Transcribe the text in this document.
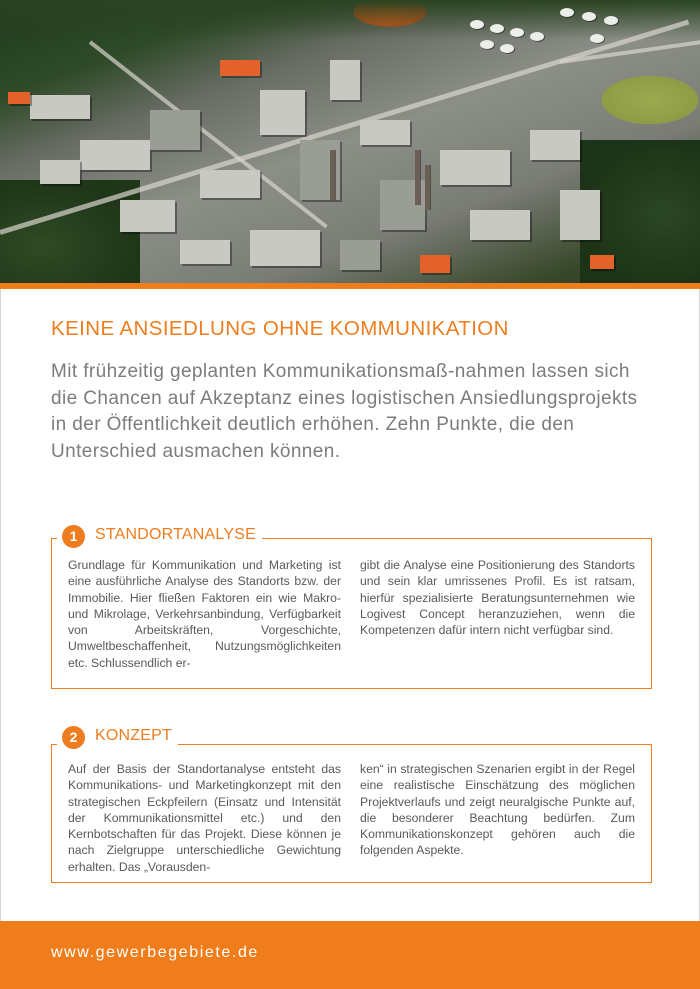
KEINE ANSIEDLUNG OHNE KOMMUNIKATION

Mit frühzeitig geplanten Kommunikationsmaß-nahmen lassen sich die Chancen auf Akzeptanz eines logistischen Ansiedlungsprojekts in der Öffentlichkeit deutlich erhöhen. Zehn Punkte, die den Unterschied ausmachen können.

1	STANDORTANALYSE

Grundlage für Kommunikation und Marketing ist eine ausführliche Analyse des Standorts bzw. der Immobilie. Hier fließen Faktoren ein wie Makro- und Mikrolage, Verkehrsanbindung, Verfügbarkeit von Arbeitskräften, Vorgeschichte, Umweltbeschaffenheit, Nutzungsmöglichkeiten etc. Schlussendlich er-

gibt die Analyse eine Positionierung des Standorts und sein klar umrissenes Profil. Es ist ratsam, hierfür spezialisierte Beratungsunternehmen wie Logivest Concept heranzuziehen, wenn die Kompetenzen dafür intern nicht verfügbar sind.

2	KONZEPT

Auf der Basis der Standortanalyse entsteht das Kommunikations- und Marketingkonzept mit den strategischen Eckpfeilern (Einsatz und Intensität der Kommunikationsmittel etc.) und den Kernbotschaften für das Projekt. Diese können je nach Zielgruppe unterschiedliche Gewichtung erhalten. Das „Vorausden-

ken“ in strategischen Szenarien ergibt in der Regel eine realistische Einschätzung des möglichen Projektverlaufs und zeigt neuralgische Punkte auf, die besonderer Beachtung bedürfen. Zum Kommunikationskonzept gehören auch die folgenden Aspekte.

www.gewerbegebiete.de
